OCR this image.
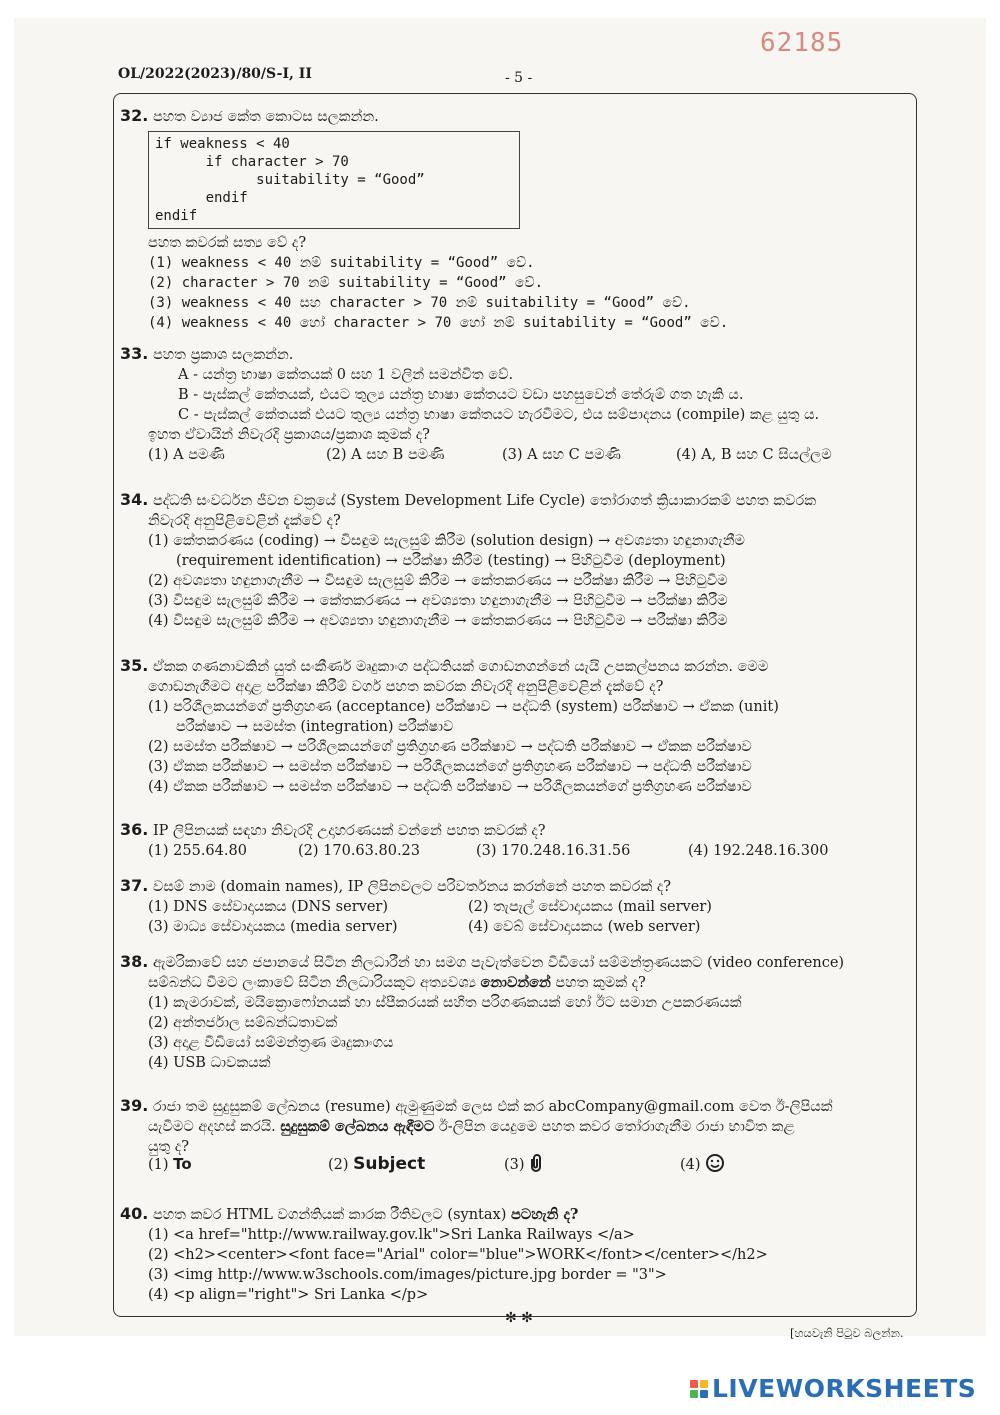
62185
OL/2022(2023)/80/S-I, II	- 5 -
32. පහත ව්‍යාජ කේත කොටස සලකන්න.
if weakness < 40
if character > 70
suitability = “Good”
endif
endif
පහත කවරක් සත්‍ය වේ ද?
(1) weakness < 40 නම් suitability = “Good” වේ.
(2) character > 70 නම් suitability = “Good” වේ.
(3) weakness < 40 සහ character > 70 නම් suitability = “Good” වේ.
(4) weakness < 40 හෝ character > 70 හෝ නම් suitability = “Good” වේ.
33. පහත ප්‍රකාශ සලකන්න.
A - යන්ත්‍ර භාෂා කේතයක් 0 සහ 1 වලින් සමන්විත වේ.
B - පැස්කල් කේතයක්, එයට තුල්‍ය යන්ත්‍ර භාෂා කේතයට වඩා පහසුවෙන් තේරුම් ගත හැකි ය.
C - පැස්කල් කේතයක් එයට තුල්‍ය යන්ත්‍ර භාෂා කේතයට හැරවීමට, එය සම්පාදනය (compile) කළ යුතු ය.
ඉහත ඒවායින් නිවැරදි ප්‍රකාශය/ප්‍රකාශ කුමක් ද?
(1) A පමණි	(2) A සහ B පමණි	(3) A සහ C පමණි	(4) A, B සහ C සියල්ලම
34. පද්ධති සංවර්ධන ජීවන චක්‍රයේ (System Development Life Cycle) තෝරාගත් ක්‍රියාකාරකම් පහත කවරක
නිවැරදි අනුපිළිවෙළින් දැක්වේ ද?
(1) කේතකරණය (coding) → විසඳුම සැලසුම් කිරීම (solution design) → අවශ්‍යතා හඳුනාගැනීම
(requirement identification) → පරීක්ෂා කිරීම (testing) → පිහිටුවීම (deployment)
(2) අවශ්‍යතා හඳුනාගැනීම → විසඳුම සැලසුම් කිරීම → කේතකරණය → පරීක්ෂා කිරීම → පිහිටුවීම
(3) විසඳුම සැලසුම් කිරීම → කේතකරණය → අවශ්‍යතා හඳුනාගැනීම → පිහිටුවීම → පරීක්ෂා කිරීම
(4) විසඳුම සැලසුම් කිරීම → අවශ්‍යතා හඳුනාගැනීම → කේතකරණය → පිහිටුවීම → පරීක්ෂා කිරීම
35. ඒකක ගණනාවකින් යුත් සංකීර්ණ මෘදුකාංග පද්ධතියක් ගොඩනගන්නේ යැයි උපකල්පනය කරන්න. මෙම
ගොඩනැගීමට අදාළ පරීක්ෂා කිරීම් වර්ග පහත කවරක නිවැරදි අනුපිළිවෙළින් දැක්වේ ද?
(1) පරිශීලකයන්ගේ ප්‍රතිග්‍රහණ (acceptance) පරීක්ෂාව → පද්ධති (system) පරීක්ෂාව → ඒකක (unit)
පරීක්ෂාව → සමස්ත (integration) පරීක්ෂාව
(2) සමස්ත පරීක්ෂාව → පරිශීලකයන්ගේ ප්‍රතිග්‍රහණ පරීක්ෂාව → පද්ධති පරීක්ෂාව → ඒකක පරීක්ෂාව
(3) ඒකක පරීක්ෂාව → සමස්ත පරීක්ෂාව → පරිශීලකයන්ගේ ප්‍රතිග්‍රහණ පරීක්ෂාව → පද්ධති පරීක්ෂාව
(4) ඒකක පරීක්ෂාව → සමස්ත පරීක්ෂාව → පද්ධති පරීක්ෂාව → පරිශීලකයන්ගේ ප්‍රතිග්‍රහණ පරීක්ෂාව
36. IP ලිපිනයක් සඳහා නිවැරදි උදාහරණයක් වන්නේ පහත කවරක් ද?
(1) 255.64.80	(2) 170.63.80.23	(3) 170.248.16.31.56	(4) 192.248.16.300
37. වසම් නාම (domain names), IP ලිපිනවලට පරිවර්තනය කරන්නේ පහත කවරක් ද?
(1) DNS සේවාදායකය (DNS server)	(2) තැපැල් සේවාදායකය (mail server)
(3) මාධ්‍ය සේවාදායකය (media server)	(4) වෙබ් සේවාදායකය (web server)
38. ඇමරිකාවේ සහ ජපානයේ සිටින නිලධාරීන් හා සමග පැවැත්වෙන වීඩියෝ සම්මන්ත්‍රණයකට (video conference)
සම්බන්ධ වීමට ලංකාවේ සිටින නිලධාරියකුට අත්‍යවශ්‍ය නොවන්නේ පහත කුමක් ද?
(1) කැමරාවක්, මයික්‍රොෆෝනයක් හා ස්පීකරයක් සහිත පරිගණකයක් හෝ ඊට සමාන උපකරණයක්
(2) අන්තර්ජාල සම්බන්ධතාවක්
(3) අදාළ වීඩියෝ සම්මන්ත්‍රණ මෘදුකාංගය
(4) USB ධාවකයක්
39. රාජා තම සුදුසුකම් ලේඛනය (resume) ඇමුණුමක් ලෙස එක් කර abcCompany@gmail.com වෙත ඊ-ලිපියක්
යැවීමට අදහස් කරයි. සුදුසුකම් ලේඛනය ඇඳීමට ඊ-ලිපින යෙදුමෙ පහත කවර තෝරාගැනීම රාජා භාවිත කළ
යුතු ද?
(1) To	(2) Subject	(3)	(4)
40. පහත කවර HTML වගන්තියක් කාරක රීතිවලට (syntax) පටහැනි ද?
(1) <a href="http://www.railway.gov.lk">Sri Lanka Railways </a>
(2) <h2><center><font face="Arial" color="blue">WORK</font></center></h2>
(3) <img http://www.w3schools.com/images/picture.jpg border = "3">
(4) <p align="right"> Sri Lanka </p>
✻ ✻
[හයවැනි පිටුව බලන්න.
LIVEWORKSHEETS
